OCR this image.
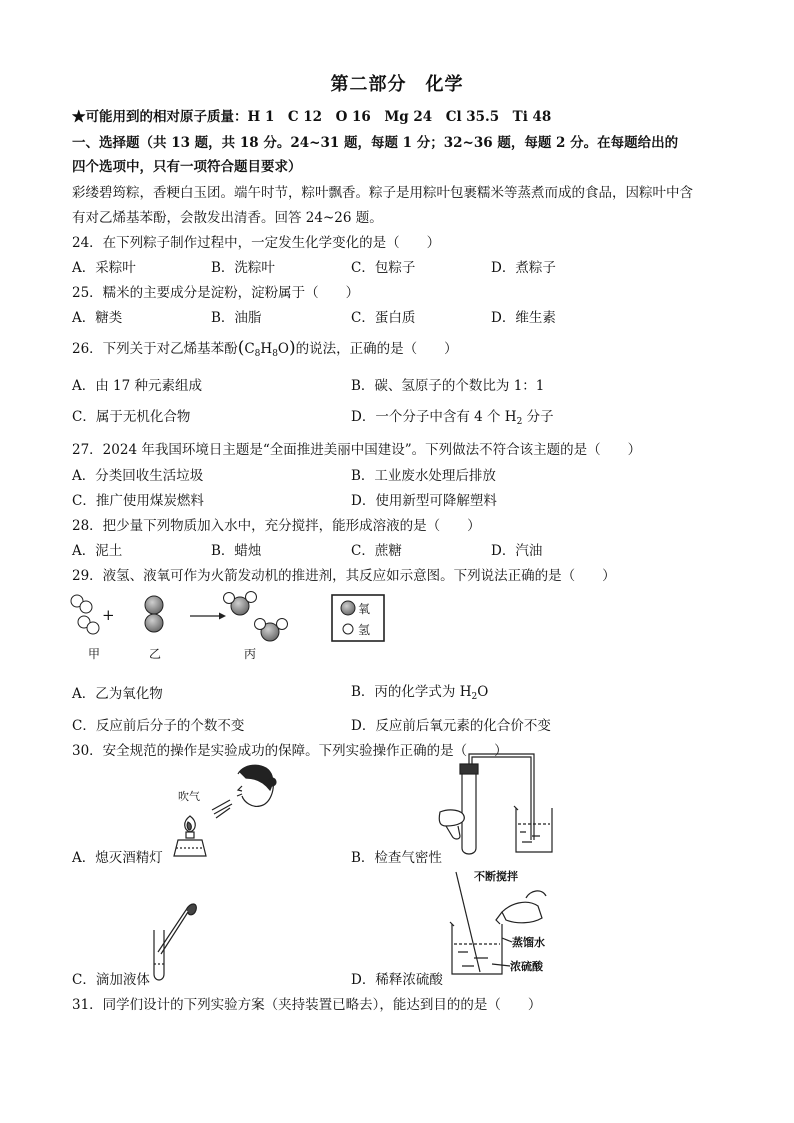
第二部分　化学
★可能用到的相对原子质量：H 1　C 12　O 16　Mg 24　Cl 35.5　Ti 48
一、选择题（共 13 题，共 18 分。24~31 题，每题 1 分；32~36 题，每题 2 分。在每题给出的
四个选项中，只有一项符合题目要求）
彩缕碧筠粽，香粳白玉团。端午时节，粽叶飘香。粽子是用粽叶包裹糯米等蒸煮而成的食品，因粽叶中含
有对乙烯基苯酚，会散发出清香。回答 24~26 题。
24．在下列粽子制作过程中，一定发生化学变化的是（　　）
A．采粽叶	B．洗粽叶	C．包粽子	D．煮粽子
25．糯米的主要成分是淀粉，淀粉属于（　　）
A．糖类	B．油脂	C．蛋白质	D．维生素
26．下列关于对乙烯基苯酚$(C_8H_8O)$的说法，正确的是（　　）
A．由 17 种元素组成	B．碳、氢原子的个数比为 1：1
C．属于无机化合物	D．一个分子中含有 4 个 $H_2$ 分子
27．2024 年我国环境日主题是“全面推进美丽中国建设”。下列做法不符合该主题的是（　　）
A．分类回收生活垃圾	B．工业废水处理后排放
C．推广使用煤炭燃料	D．使用新型可降解塑料
28．把少量下列物质加入水中，充分搅拌，能形成溶液的是（　　）
A．泥土	B．蜡烛	C．蔗糖	D．汽油
29．液氢、液氧可作为火箭发动机的推进剂，其反应如示意图。下列说法正确的是（　　）
+	氧
氢
甲	乙	丙
A．乙为氧化物	B．丙的化学式为 $H_2O$
C．反应前后分子的个数不变	D．反应前后氧元素的化合价不变
30．安全规范的操作是实验成功的保障。下列实验操作正确的是（　　）
吹气
A．熄灭酒精灯	B．检查气密性
C．滴加液体
不断搅拌
蒸馏水
浓硫酸
D．稀释浓硫酸
31．同学们设计的下列实验方案（夹持装置已略去），能达到目的的是（　　）
